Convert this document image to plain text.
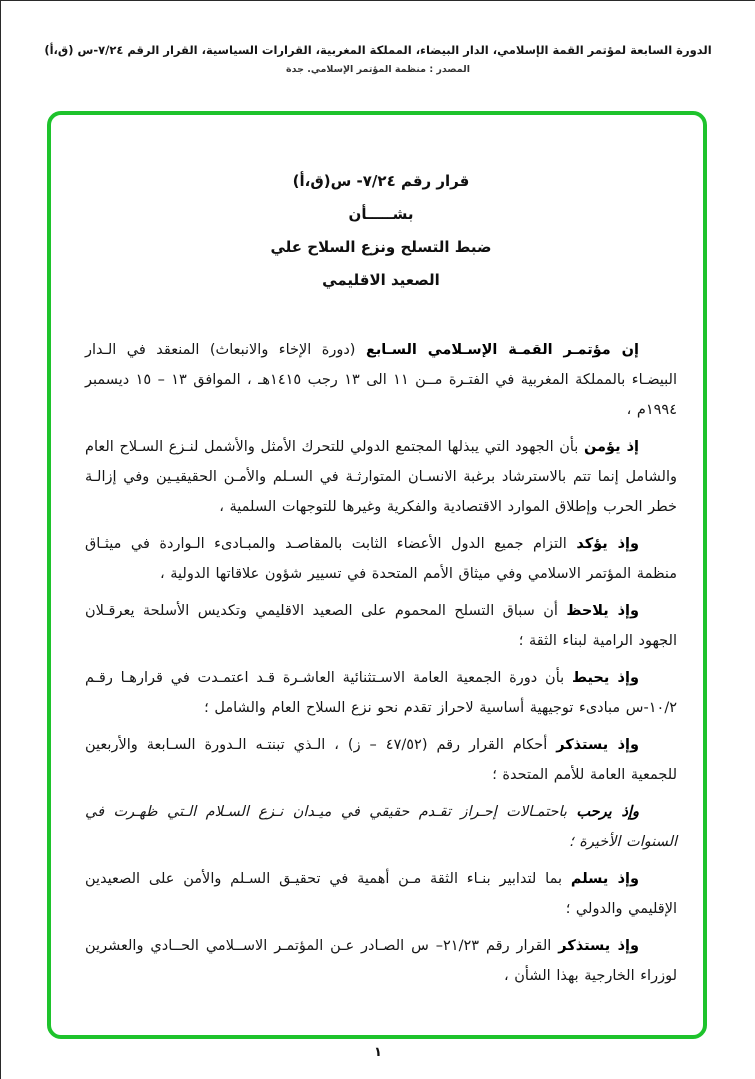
الدورة السابعة لمؤتمر القمة الإسلامي، الدار البيضاء، المملكة المغربية، القرارات السياسية، القرار الرقم ٧/٢٤-س (ق،أ)
المصدر : منظمة المؤتمر الإسلامي. جدة
قرار رقم ٧/٢٤- س(ق،أ)
بشـــــأن
ضبط التسلح ونزع السلاح علي
الصعيد الاقليمي

إن مؤتمـر القمـة الإسـلامي السـابع (دورة الإخاء والانبعاث) المنعقد في الـدار البيضـاء بالمملكة المغربية في الفتـرة مــن ١١ الى ١٣ رجب ١٤١٥هـ ، الموافق ١٣ – ١٥ ديسمبر ١٩٩٤م ،

إذ يؤمن بأن الجهود التي يبذلها المجتمع الدولي للتحرك الأمثل والأشمل لنـزع السـلاح العام والشامل إنما تتم بالاسترشاد برغبة الانسـان المتوارثـة في السـلم والأمـن الحقيقيـين وفي إزالـة خطر الحرب وإطلاق الموارد الاقتصادية والفكرية وغيرها للتوجهات السلمية ،

وإذ يؤكد التزام جميع الدول الأعضاء الثابت بالمقاصـد والمبـادىء الـواردة في ميثـاق منظمة المؤتمر الاسلامي وفي ميثاق الأمم المتحدة في تسيير شؤون علاقاتها الدولية ،

وإذ يلاحظ أن سباق التسلح المحموم على الصعيد الاقليمي وتكديس الأسلحة يعرقـلان الجهود الرامية لبناء الثقة ؛

وإذ يحيط بأن دورة الجمعية العامة الاسـتثنائية العاشـرة قـد اعتمـدت في قرارهـا رقـم ١٠/٢-س مبادىء توجيهية أساسية لاحراز تقدم نحو نزع السلاح العام والشامل ؛

وإذ يستذكر أحكام القرار رقم (٤٧/٥٢ – ز) ، الـذي تبنتـه الـدورة السـابعة والأربعين للجمعية العامة للأمم المتحدة ؛

وإذ يرحب باحتمـالات إحـراز تقـدم حقيقي في ميـدان نـزع السـلام الـتي ظهـرت في السنوات الأخيرة ؛

وإذ يسلم بما لتدابير بنـاء الثقة مـن أهمية في تحقيـق السـلم والأمن على الصعيدين الإقليمي والدولي ؛

وإذ يستذكر القرار رقم ٢١/٢٣– س الصـادر عـن المؤتمـر الاســلامي الحــادي والعشرين لوزراء الخارجية بهذا الشأن ،

١
